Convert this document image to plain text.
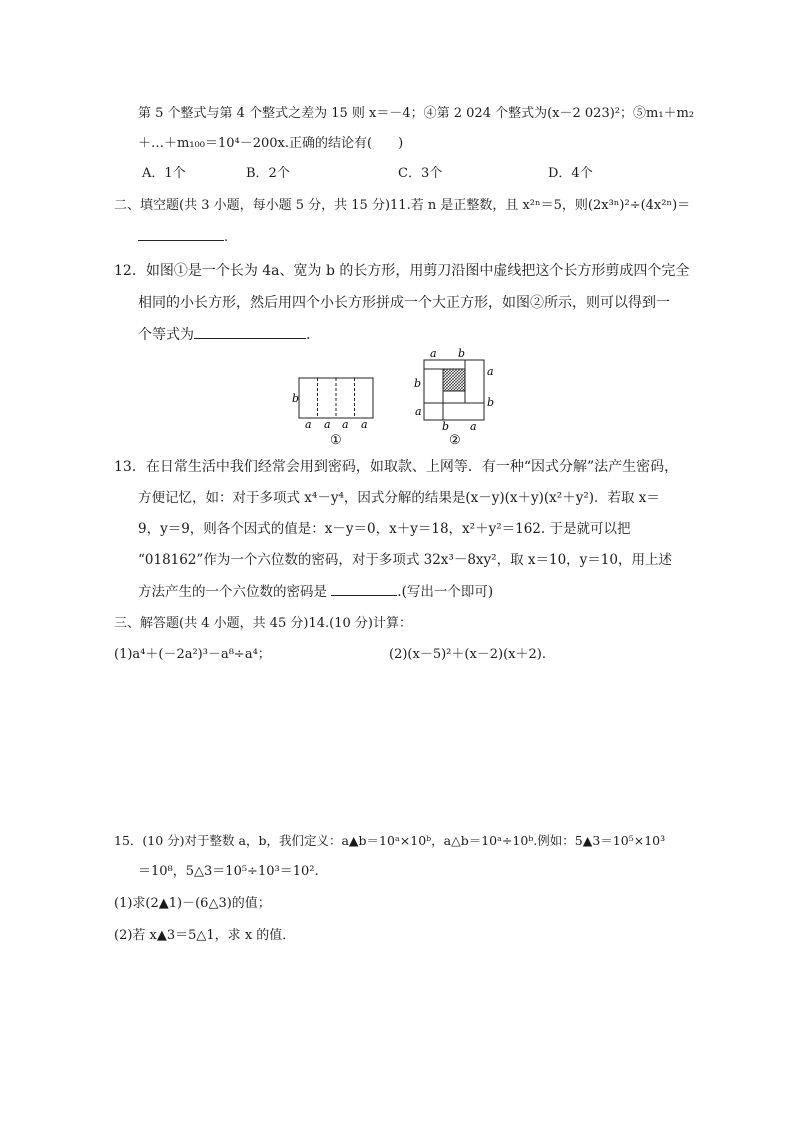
第 5 个整式与第 4 个整式之差为 15 则 x＝－4；④第 2 024 个整式为(x－2 023)²；⑤m₁＋m₂
＋…＋m₁₀₀＝10⁴－200x.正确的结论有(　　)
A．1个	B．2个	C．3个	D．4个
二、填空题(共 3 小题，每小题 5 分，共 15 分)11.若 n 是正整数，且 x²ⁿ＝5，则(2x³ⁿ)²÷(4x²ⁿ)＝
.
12．如图①是一个长为 4a、宽为 b 的长方形，用剪刀沿图中虚线把这个长方形剪成四个完全
相同的小长方形，然后用四个小长方形拼成一个大正方形，如图②所示，则可以得到一
个等式为	.
b
a a a a
①
a b
b
a
a
b
b a
②
13．在日常生活中我们经常会用到密码，如取款、上网等．有一种“因式分解”法产生密码，
方便记忆，如：对于多项式 x⁴－y⁴，因式分解的结果是(x－y)(x＋y)(x²＋y²)．若取 x＝
9，y＝9，则各个因式的值是：x－y＝0，x＋y＝18，x²＋y²＝162. 于是就可以把
“018162”作为一个六位数的密码，对于多项式 32x³－8xy²，取 x＝10，y＝10，用上述
方法产生的一个六位数的密码是	.(写出一个即可)
三、解答题(共 4 小题，共 45 分)14.(10 分)计算：
(1)a⁴＋(－2a²)³－a⁸÷a⁴；	(2)(x－5)²＋(x－2)(x＋2).
15．(10 分)对于整数 a，b，我们定义：a▲b＝10ᵃ×10ᵇ，a△b＝10ᵃ÷10ᵇ.例如：5▲3＝10⁵×10³
＝10⁸，5△3＝10⁵÷10³＝10².
(1)求(2▲1)－(6△3)的值；
(2)若 x▲3＝5△1，求 x 的值．
